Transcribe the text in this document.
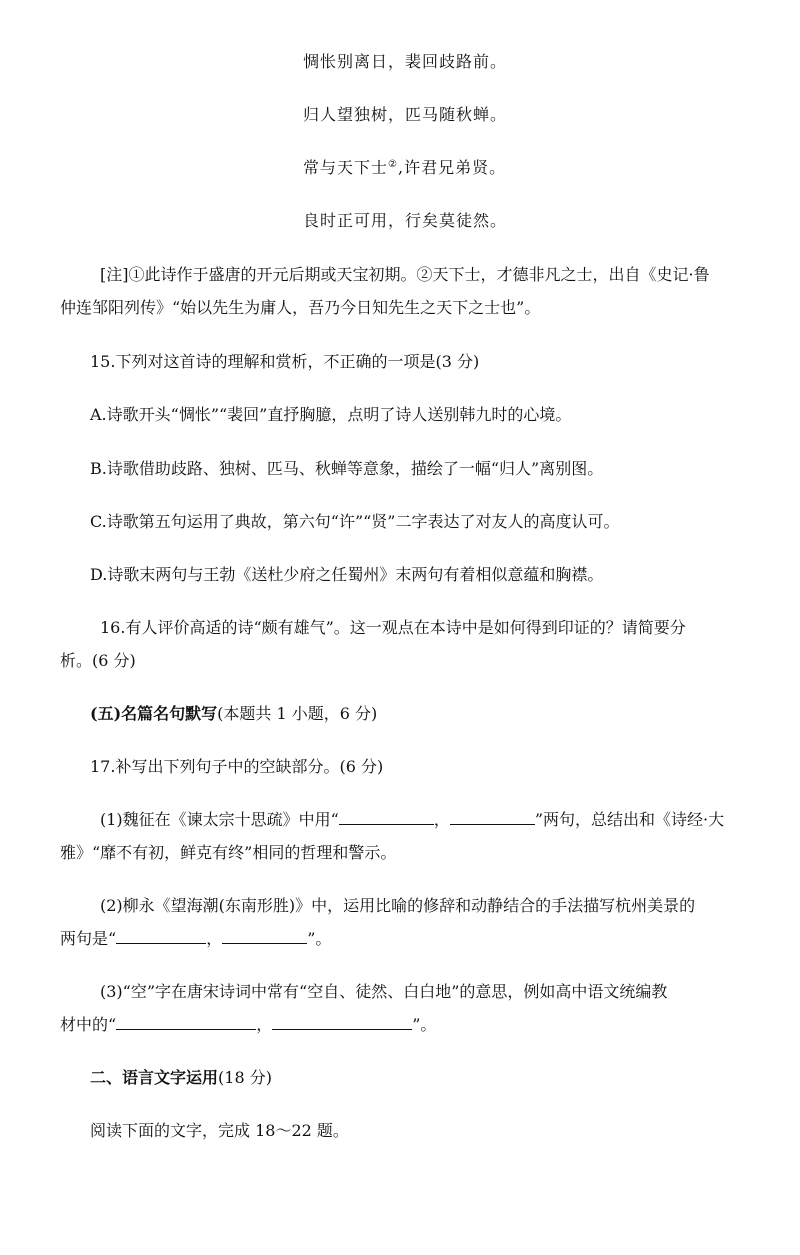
惆怅别离日，裴回歧路前。
归人望独树，匹马随秋蝉。
常与天下士②,许君兄弟贤。
良时正可用，行矣莫徒然。
[注]①此诗作于盛唐的开元后期或天宝初期。②天下士，才德非凡之士，出自《史记·鲁
仲连邹阳列传》“始以先生为庸人，吾乃今日知先生之天下之士也”。
15.下列对这首诗的理解和赏析，不正确的一项是(3 分)
A.诗歌开头“惆怅”“裴回”直抒胸臆，点明了诗人送别韩九时的心境。
B.诗歌借助歧路、独树、匹马、秋蝉等意象，描绘了一幅“归人”离别图。
C.诗歌第五句运用了典故，第六句“许”“贤”二字表达了对友人的高度认可。
D.诗歌末两句与王勃《送杜少府之任蜀州》末两句有着相似意蕴和胸襟。
16.有人评价高适的诗“颇有雄气”。这一观点在本诗中是如何得到印证的？请简要分
析。(6 分)
(五)名篇名句默写(本题共 1 小题，6 分)
17.补写出下列句子中的空缺部分。(6 分)
(1)魏征在《谏太宗十思疏》中用“	，	”两句，总结出和《诗经·大
雅》“靡不有初，鲜克有终”相同的哲理和警示。
(2)柳永《望海潮(东南形胜)》中，运用比喻的修辞和动静结合的手法描写杭州美景的
两句是“	，	”。
(3)“空”字在唐宋诗词中常有“空自、徒然、白白地”的意思，例如高中语文统编教
材中的“	，	”。
二、语言文字运用(18 分)
阅读下面的文字，完成 18～22 题。
